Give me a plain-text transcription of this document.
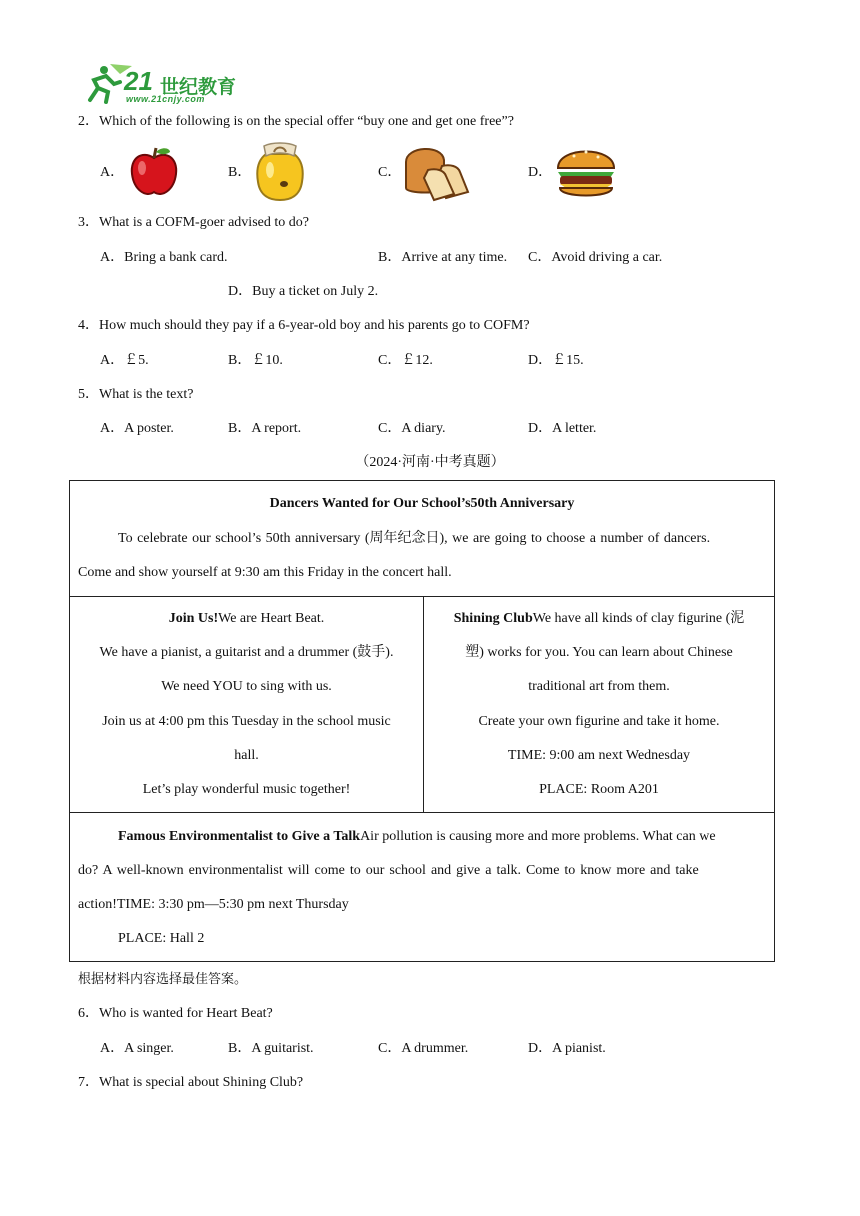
21 世纪教育
www.21cnjy.com
2．Which of the following is on the special offer “buy one and get one free”?
A．	B．	C．	D．
3．What is a COFM-goer advised to do?
A．Bring a bank card.	B．Arrive at any time. C．Avoid driving a car.
D．Buy a ticket on July 2.
4．How much should they pay if a 6-year-old boy and his parents go to COFM?
A．￡5.	B．￡10.	C．￡12.	D．￡15.
5．What is the text?
A．A poster.	B．A report.	C．A diary.	D．A letter.
（2024·河南·中考真题）
Dancers Wanted for Our School’s50th Anniversary
To celebrate our school’s 50th anniversary (周年纪念日), we are going to choose a number of dancers.
Come and show yourself at 9:30 am this Friday in the concert hall.
Join Us!We are Heart Beat.
We have a pianist, a guitarist and a drummer (鼓手).
We need YOU to sing with us.
Join us at 4:00 pm this Tuesday in the school music
hall.
Let’s play wonderful music together!
Shining ClubWe have all kinds of clay figurine (泥
塑) works for you. You can learn about Chinese
traditional art from them.
Create your own figurine and take it home.
TIME: 9:00 am next Wednesday
PLACE: Room A201
Famous Environmentalist to Give a TalkAir pollution is causing more and more problems. What can we
do? A well-known environmentalist will come to our school and give a talk. Come to know more and take
action!TIME: 3:30 pm—5:30 pm next Thursday
PLACE: Hall 2
根据材料内容选择最佳答案。
6．Who is wanted for Heart Beat?
A．A singer.	B．A guitarist.	C．A drummer.	D．A pianist.
7．What is special about Shining Club?
